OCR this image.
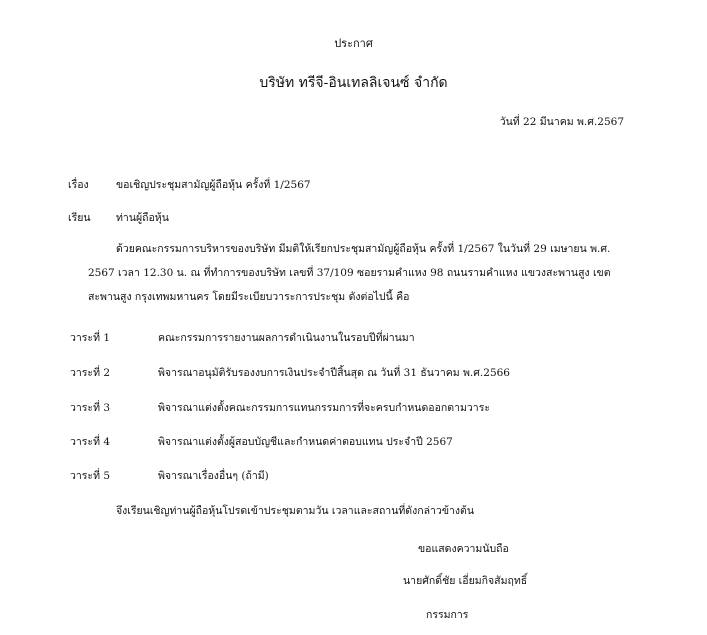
ประกาศ
บริษัท ทรีจี-อินเทลลิเจนซ์ จำกัด
วันที่ 22 มีนาคม พ.ศ.2567
เรื่อง	ขอเชิญประชุมสามัญผู้ถือหุ้น ครั้งที่ 1/2567
เรียน ท่านผู้ถือหุ้น

ด้วยคณะกรรมการบริหารของบริษัท มีมติให้เรียกประชุมสามัญผู้ถือหุ้น ครั้งที่ 1/2567 ในวันที่ 29 เมษายน พ.ศ. 2567 เวลา 12.30 น. ณ ที่ทำการของบริษัท เลขที่ 37/109 ซอยรามคำแหง 98 ถนนรามคำแหง แขวงสะพานสูง เขตสะพานสูง กรุงเทพมหานคร โดยมีระเบียบวาระการประชุม ดังต่อไปนี้ คือ

วาระที่ 1	คณะกรรมการรายงานผลการดำเนินงานในรอบปีที่ผ่านมา
วาระที่ 2	พิจารณาอนุมัติรับรองงบการเงินประจำปีสิ้นสุด ณ วันที่ 31 ธันวาคม พ.ศ.2566
วาระที่ 3	พิจารณาแต่งตั้งคณะกรรมการแทนกรรมการที่จะครบกำหนดออกตามวาระ
วาระที่ 4	พิจารณาแต่งตั้งผู้สอบบัญชีและกำหนดค่าตอบแทน ประจำปี 2567
วาระที่ 5	พิจารณาเรื่องอื่นๆ (ถ้ามี)
จึงเรียนเชิญท่านผู้ถือหุ้นโปรดเข้าประชุมตามวัน เวลาและสถานที่ดังกล่าวข้างต้น
ขอแสดงความนับถือ
นายศักดิ์ชัย เอี่ยมกิจสัมฤทธิ์
กรรมการ
